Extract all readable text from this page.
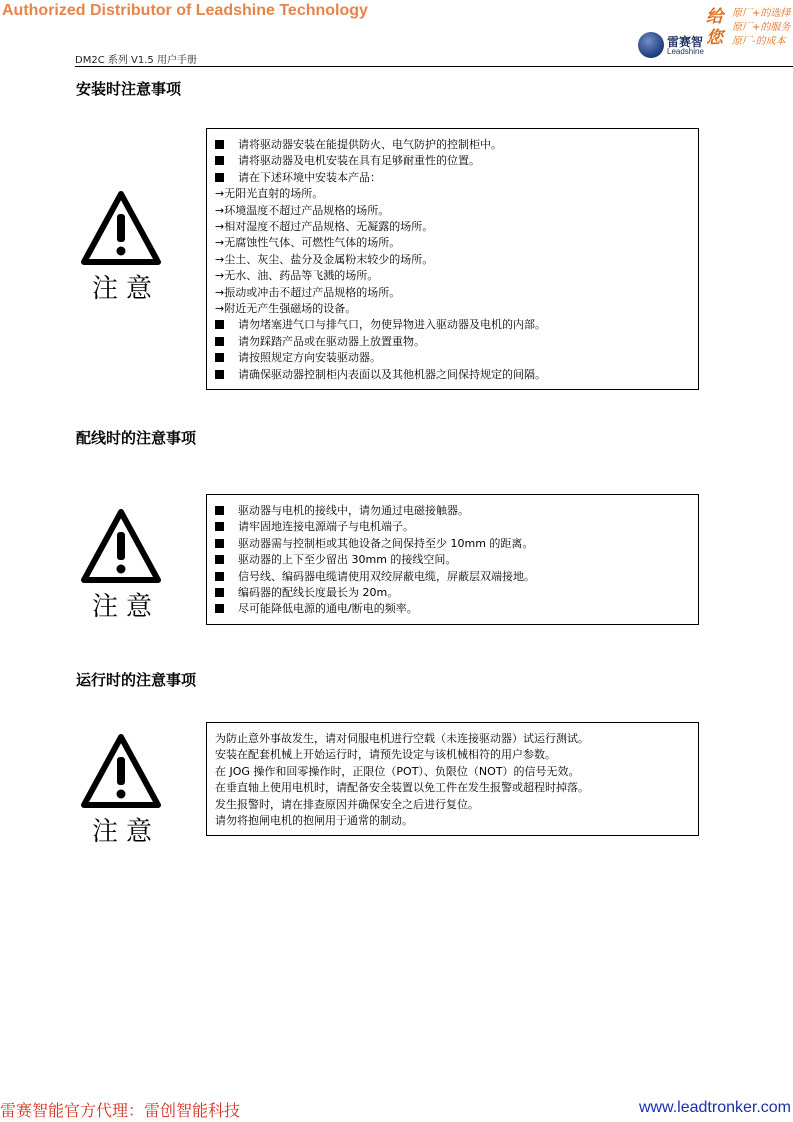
Authorized Distributor of Leadshine Technology
雷赛智
Leadshine
给
您
原厂+的选择
原厂+的服务
原厂-的成本
DM2C 系列 V1.5 用户手册
安装时注意事项
注意
请将驱动器安装在能提供防火、电气防护的控制柜中。
请将驱动器及电机安装在具有足够耐重性的位置。
请在下述环境中安装本产品：
→无阳光直射的场所。
→环境温度不超过产品规格的场所。
→相对湿度不超过产品规格、无凝露的场所。
→无腐蚀性气体、可燃性气体的场所。
→尘土、灰尘、盐分及金属粉末较少的场所。
→无水、油、药品等飞溅的场所。
→振动或冲击不超过产品规格的场所。
→附近无产生强磁场的设备。
请勿堵塞进气口与排气口，勿使异物进入驱动器及电机的内部。
请勿踩踏产品或在驱动器上放置重物。
请按照规定方向安装驱动器。
请确保驱动器控制柜内表面以及其他机器之间保持规定的间隔。
配线时的注意事项
注意
驱动器与电机的接线中，请勿通过电磁接触器。
请牢固地连接电源端子与电机端子。
驱动器需与控制柜或其他设备之间保持至少 10mm 的距离。
驱动器的上下至少留出 30mm 的接线空间。
信号线、编码器电缆请使用双绞屏蔽电缆，屏蔽层双端接地。
编码器的配线长度最长为 20m。
尽可能降低电源的通电/断电的频率。
运行时的注意事项
注意
为防止意外事故发生，请对伺服电机进行空载（未连接驱动器）试运行测试。
安装在配套机械上开始运行时，请预先设定与该机械相符的用户参数。
在 JOG 操作和回零操作时，正限位（POT）、负限位（NOT）的信号无效。
在垂直轴上使用电机时，请配备安全装置以免工件在发生报警或超程时掉落。
发生报警时，请在排查原因并确保安全之后进行复位。
请勿将抱闸电机的抱闸用于通常的制动。
雷赛智能官方代理：雷创智能科技	www.leadtronker.com
